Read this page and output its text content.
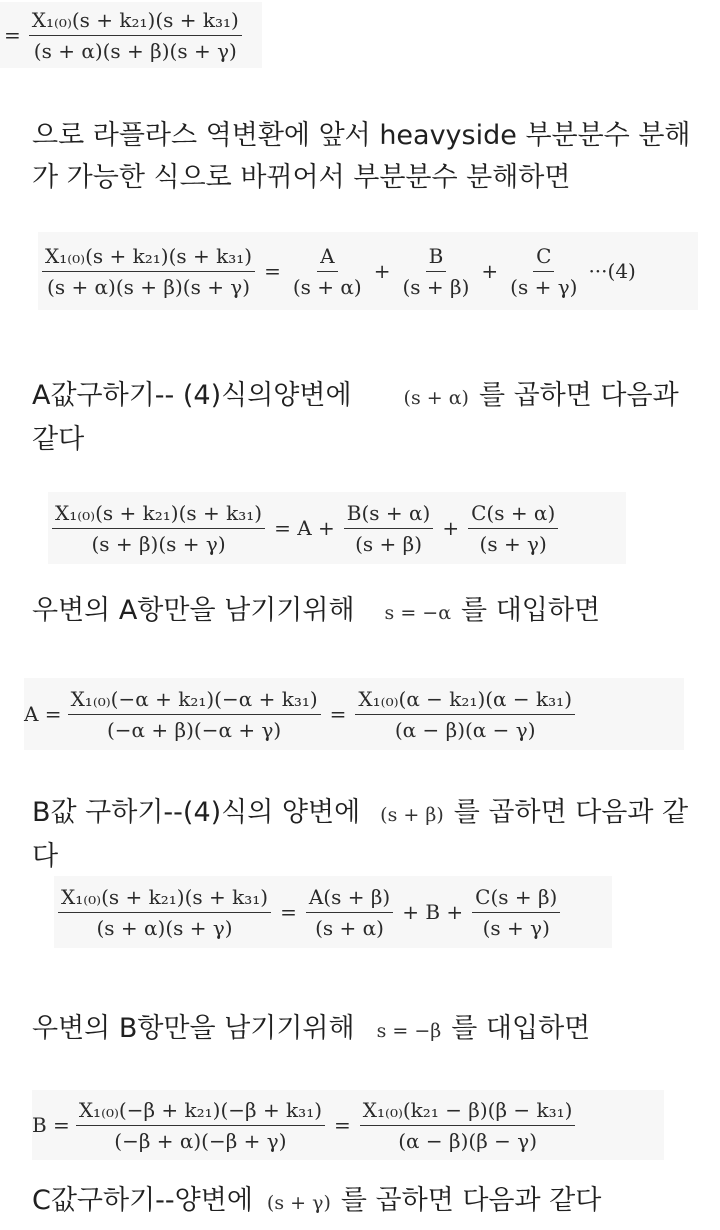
= $\frac{\text{X₁₍₀₎(s + k₂₁)(s + k₃₁)}}{(s + \alpha)(s + \beta)(s + \gamma)}$

으로 라플라스 역변환에 앞서 heavyside 부분분수 분해가 가능한 식으로 바뀌어서 부분분수 분해하면

$\frac{\text{X₁₍₀₎(s + k₂₁)(s + k₃₁)}}{(s + \alpha)(s + \beta)(s + \gamma)} = \frac{A}{(s + \alpha)} + \frac{B}{(s + \beta)} + \frac{C}{(s + \gamma)} \cdot\cdot\cdot(4)$

A값구하기-- (4)식의양변에	(s + α) 를 곱하면 다음과 같다

$\frac{\text{X₁₍₀₎(s + k₂₁)(s + k₃₁)}}{(s + \beta)(s + \gamma)} = A + \frac{B(s + \alpha)}{(s + \beta)} + \frac{C(s + \alpha)}{(s + \gamma)}$

우변의 A항만을 남기기위해 s = −α 를 대입하면

$A = \frac{\text{X₁₍₀₎(−α + k₂₁)(−α + k₃₁)}}{(-\alpha + \beta)(-\alpha + \gamma)} = \frac{\text{X₁₍₀₎(α − k₂₁)(α − k₃₁)}}{(\alpha - \beta)(\alpha - \gamma)}$

B값 구하기--(4)식의 양변에 (s + β) 를 곱하면 다음과 같다

$\frac{\text{X₁₍₀₎(s + k₂₁)(s + k₃₁)}}{(s + \alpha)(s + \gamma)} = \frac{A(s + \beta)}{(s + \alpha)} + B + \frac{C(s + \beta)}{(s + \gamma)}$

우변의 B항만을 남기기위해 s = −β 를 대입하면

$B = \frac{\text{X₁₍₀₎(−β + k₂₁)(−β + k₃₁)}}{(-\beta + \alpha)(-\beta + \gamma)} = \frac{\text{X₁₍₀₎(k₂₁ − β)(β − k₃₁)}}{(\alpha - \beta)(\beta - \gamma)}$

C값구하기--양변에 (s + γ) 를 곱하면 다음과 같다
